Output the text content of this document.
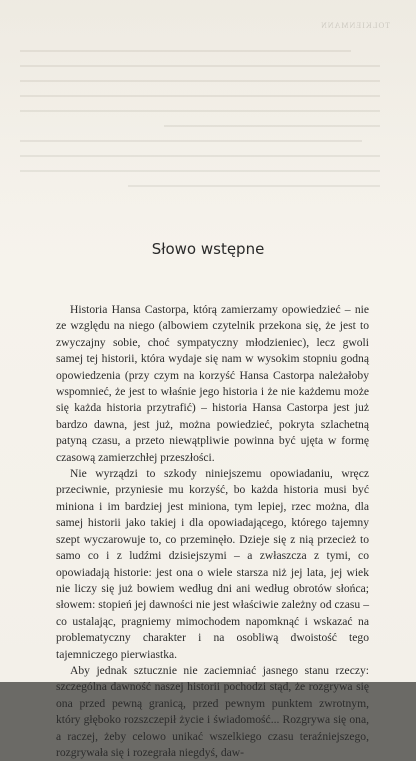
TOLKIENMANN
Słowo wstępne

Historia Hansa Castorpa, którą zamierzamy opowiedzieć – nie ze względu na niego (albowiem czytelnik przekona się, że jest to zwyczajny sobie, choć sympatyczny młodzieniec), lecz gwoli samej tej historii, która wydaje się nam w wysokim stopniu godną opowiedzenia (przy czym na korzyść Hansa Castorpa należałoby wspomnieć, że jest to właśnie jego historia i że nie każdemu może się każda historia przytrafić) – historia Hansa Castorpa jest już bardzo dawna, jest już, można powiedzieć, pokryta szlachetną patyną czasu, a przeto niewątpliwie powinna być ujęta w formę czasową zamierzchłej przeszłości.

Nie wyrządzi to szkody niniejszemu opowiadaniu, wręcz przeciwnie, przyniesie mu korzyść, bo każda historia musi być miniona i im bardziej jest miniona, tym lepiej, rzec można, dla samej historii jako takiej i dla opowiadającego, którego tajemny szept wyczarowuje to, co przeminęło. Dzieje się z nią przecież to samo co i z ludźmi dzisiejszymi – a zwłaszcza z tymi, co opowiadają historie: jest ona o wiele starsza niż jej lata, jej wiek nie liczy się już bowiem według dni ani według obrotów słońca; słowem: stopień jej dawności nie jest właściwie zależny od czasu – co ustalając, pragniemy mimochodem napomknąć i wskazać na problematyczny charakter i na osobliwą dwoistość tego tajemniczego pierwiastka.

Aby jednak sztucznie nie zaciemniać jasnego stanu rzeczy: szczególna dawność naszej historii pochodzi stąd, że rozgrywa się ona przed pewną granicą, przed pewnym punktem zwrotnym, który głęboko rozszczepił życie i świadomość... Rozgrywa się ona, a raczej, żeby celowo unikać wszelkiego czasu teraźniejszego, rozgrywała się i rozegrała niegdyś, daw-
